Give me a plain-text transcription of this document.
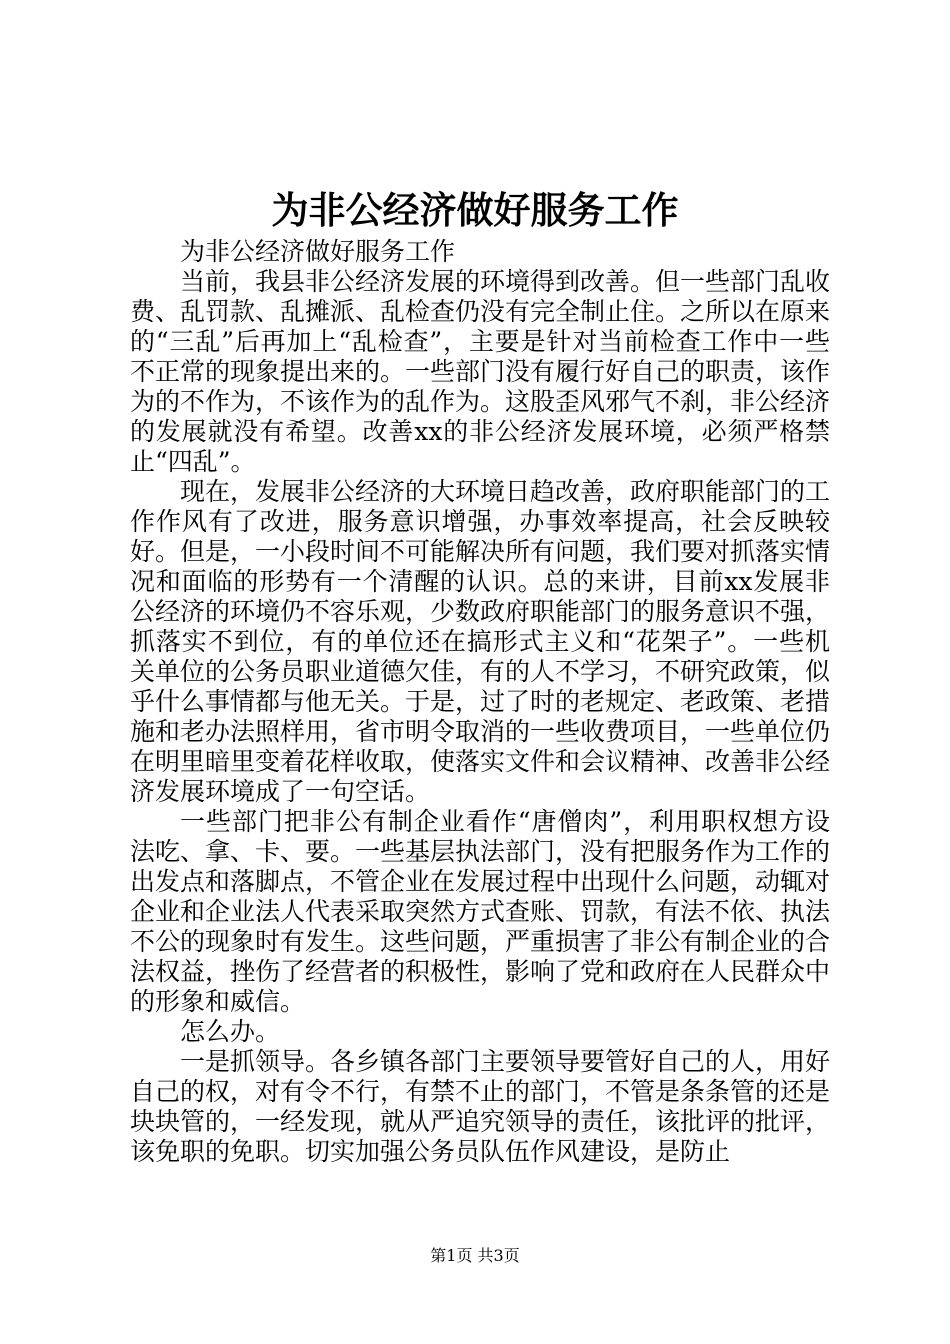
为非公经济做好服务工作

为非公经济做好服务工作

当前，我县非公经济发展的环境得到改善。但一些部门乱收费、乱罚款、乱摊派、乱检查仍没有完全制止住。之所以在原来的“三乱”后再加上“乱检查”，主要是针对当前检查工作中一些不正常的现象提出来的。一些部门没有履行好自己的职责，该作为的不作为，不该作为的乱作为。这股歪风邪气不刹，非公经济的发展就没有希望。改善xx的非公经济发展环境，必须严格禁止“四乱”。

现在，发展非公经济的大环境日趋改善，政府职能部门的工作作风有了改进，服务意识增强，办事效率提高，社会反映较好。但是，一小段时间不可能解决所有问题，我们要对抓落实情况和面临的形势有一个清醒的认识。总的来讲，目前xx发展非公经济的环境仍不容乐观，少数政府职能部门的服务意识不强，抓落实不到位，有的单位还在搞形式主义和“花架子”。一些机关单位的公务员职业道德欠佳，有的人不学习，不研究政策，似乎什么事情都与他无关。于是，过了时的老规定、老政策、老措施和老办法照样用，省市明令取消的一些收费项目，一些单位仍在明里暗里变着花样收取，使落实文件和会议精神、改善非公经济发展环境成了一句空话。

一些部门把非公有制企业看作“唐僧肉”，利用职权想方设法吃、拿、卡、要。一些基层执法部门，没有把服务作为工作的出发点和落脚点，不管企业在发展过程中出现什么问题，动辄对企业和企业法人代表采取突然方式查账、罚款，有法不依、执法不公的现象时有发生。这些问题，严重损害了非公有制企业的合法权益，挫伤了经营者的积极性，影响了党和政府在人民群众中的形象和威信。

怎么办。

一是抓领导。各乡镇各部门主要领导要管好自己的人，用好自己的权，对有令不行，有禁不止的部门，不管是条条管的还是块块管的，一经发现，就从严追究领导的责任，该批评的批评，该免职的免职。切实加强公务员队伍作风建设，是防止

第1页 共3页
